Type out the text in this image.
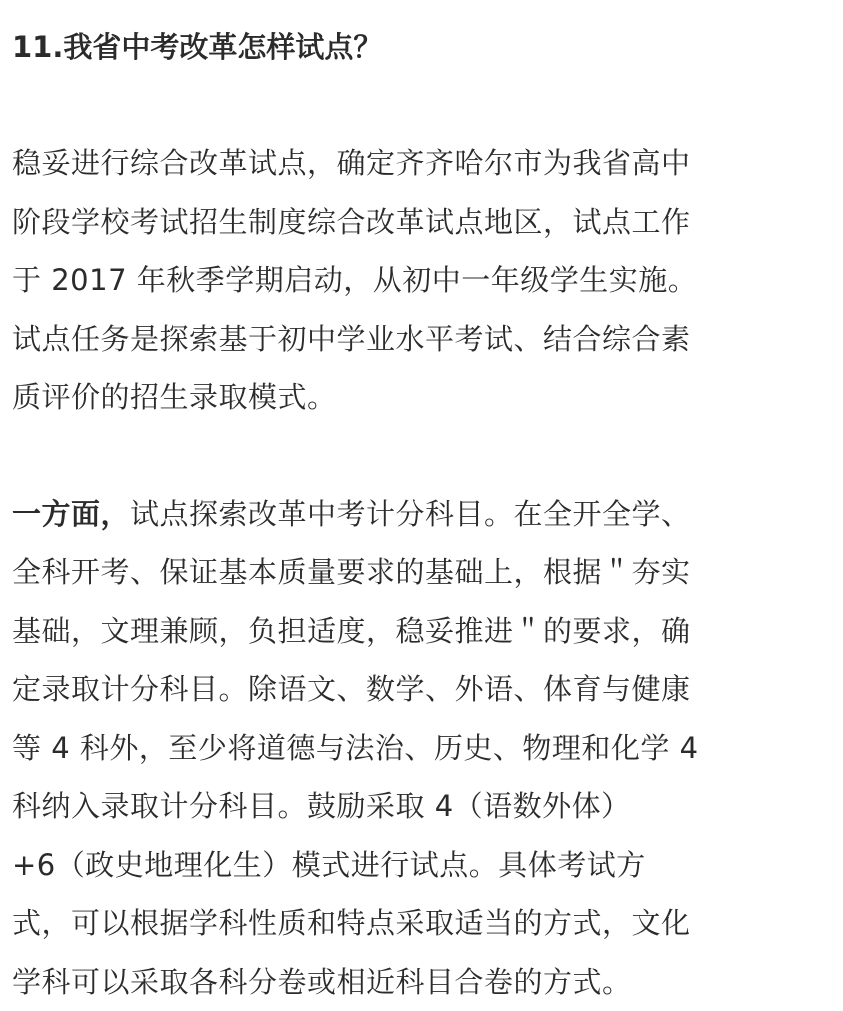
11.我省中考改革怎样试点？
稳妥进行综合改革试点，确定齐齐哈尔市为我省高中
阶段学校考试招生制度综合改革试点地区，试点工作
于 2017 年秋季学期启动，从初中一年级学生实施。
试点任务是探索基于初中学业水平考试、结合综合素
质评价的招生录取模式。
一方面，试点探索改革中考计分科目。在全开全学、
全科开考、保证基本质量要求的基础上，根据＂夯实
基础，文理兼顾，负担适度，稳妥推进＂的要求，确
定录取计分科目。除语文、数学、外语、体育与健康
等 4 科外，至少将道德与法治、历史、物理和化学 4
科纳入录取计分科目。鼓励采取 4（语数外体）
+6（政史地理化生）模式进行试点。具体考试方
式，可以根据学科性质和特点采取适当的方式，文化
学科可以采取各科分卷或相近科目合卷的方式。
